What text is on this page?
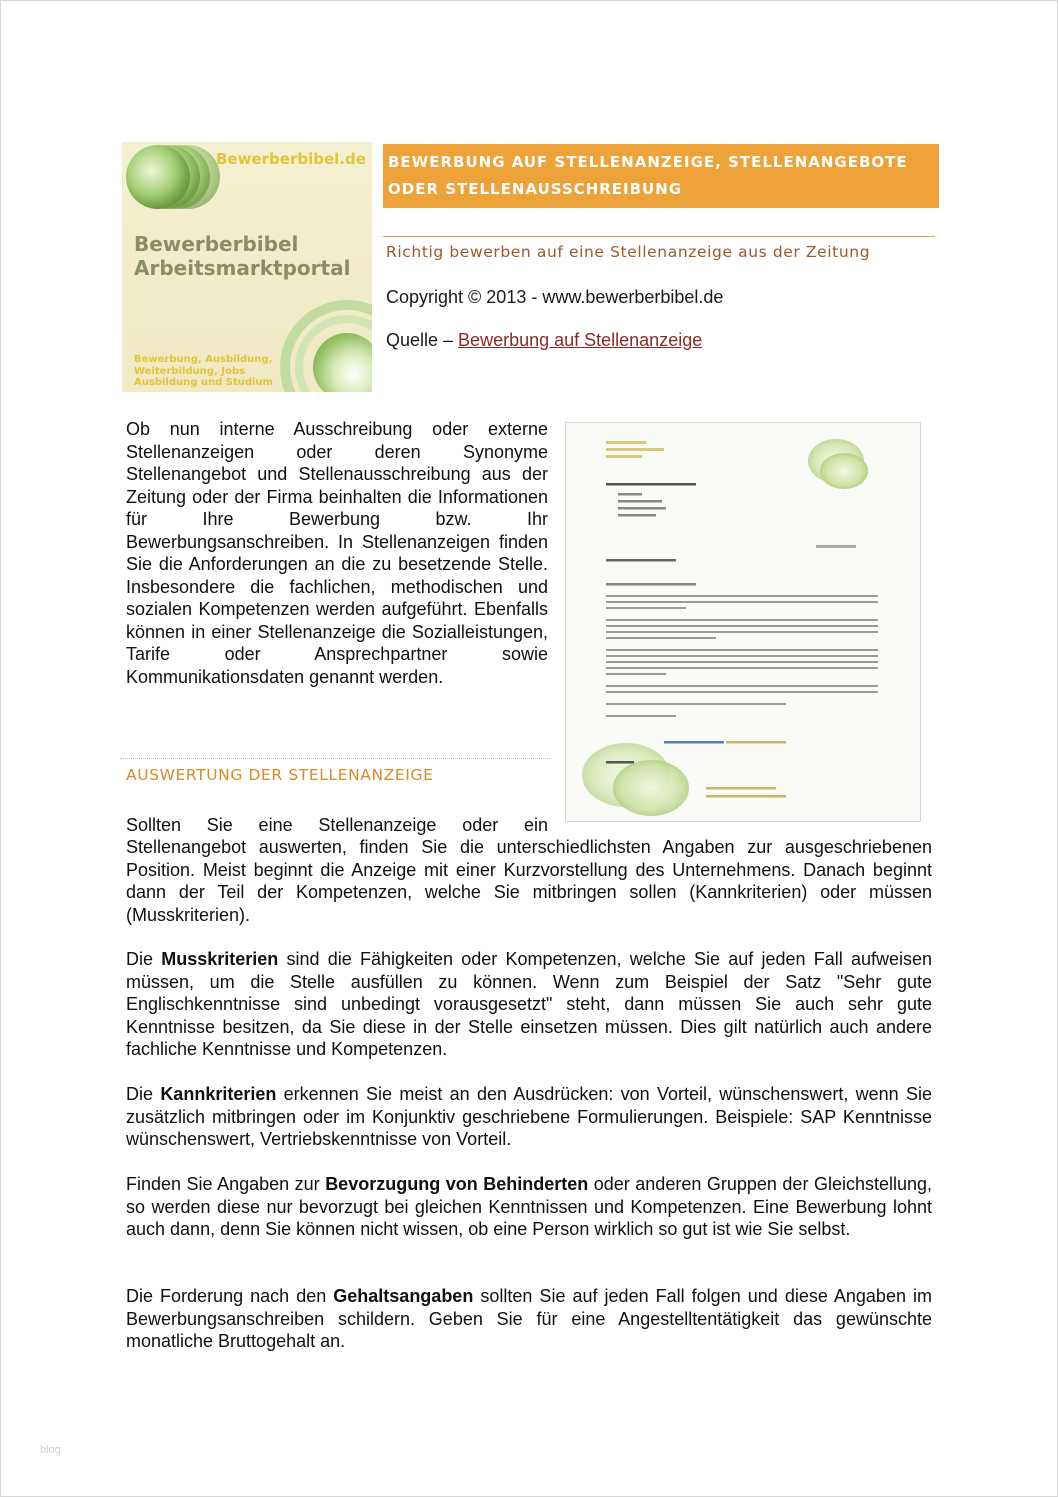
Bewerberbibel.de
Bewerberbibel
Arbeitsmarktportal
Bewerbung, Ausbildung,
Weiterbildung, Jobs
Ausbildung und Studium
BEWERBUNG AUF STELLENANZEIGE, STELLENANGEBOTE
ODER STELLENAUSSCHREIBUNG
Richtig bewerben auf eine Stellenanzeige aus der Zeitung
Copyright © 2013 - www.bewerberbibel.de
Quelle – Bewerbung auf Stellenanzeige
Ob nun interne Ausschreibung oder externe Stellenanzeigen oder deren Synonyme Stellenangebot und Stellenausschreibung aus der Zeitung oder der Firma beinhalten die Informationen für Ihre Bewerbung bzw. Ihr Bewerbungsanschreiben. In Stellenanzeigen finden Sie die Anforderungen an die zu besetzende Stelle. Insbesondere die fachlichen, methodischen und sozialen Kompetenzen werden aufgeführt. Ebenfalls können in einer Stellenanzeige die Sozialleistungen, Tarife oder Ansprechpartner sowie Kommunikationsdaten genannt werden.
AUSWERTUNG DER STELLENANZEIGE
Sollten Sie eine Stellenanzeige oder ein
Stellenangebot auswerten, finden Sie die unterschiedlichsten Angaben zur ausgeschriebenen Position. Meist beginnt die Anzeige mit einer Kurzvorstellung des Unternehmens. Danach beginnt dann der Teil der Kompetenzen, welche Sie mitbringen sollen (Kannkriterien) oder müssen (Musskriterien).
Die Musskriterien sind die Fähigkeiten oder Kompetenzen, welche Sie auf jeden Fall aufweisen müssen, um die Stelle ausfüllen zu können. Wenn zum Beispiel der Satz "Sehr gute Englischkenntnisse sind unbedingt vorausgesetzt" steht, dann müssen Sie auch sehr gute Kenntnisse besitzen, da Sie diese in der Stelle einsetzen müssen. Dies gilt natürlich auch andere fachliche Kenntnisse und Kompetenzen.
Die Kannkriterien erkennen Sie meist an den Ausdrücken: von Vorteil, wünschenswert, wenn Sie zusätzlich mitbringen oder im Konjunktiv geschriebene Formulierungen. Beispiele: SAP Kenntnisse wünschenswert, Vertriebskenntnisse von Vorteil.
Finden Sie Angaben zur Bevorzugung von Behinderten oder anderen Gruppen der Gleichstellung, so werden diese nur bevorzugt bei gleichen Kenntnissen und Kompetenzen. Eine Bewerbung lohnt auch dann, denn Sie können nicht wissen, ob eine Person wirklich so gut ist wie Sie selbst.
Die Forderung nach den Gehaltsangaben sollten Sie auf jeden Fall folgen und diese Angaben im Bewerbungsanschreiben schildern. Geben Sie für eine Angestelltentätigkeit das gewünschte monatliche Bruttogehalt an.
blog
